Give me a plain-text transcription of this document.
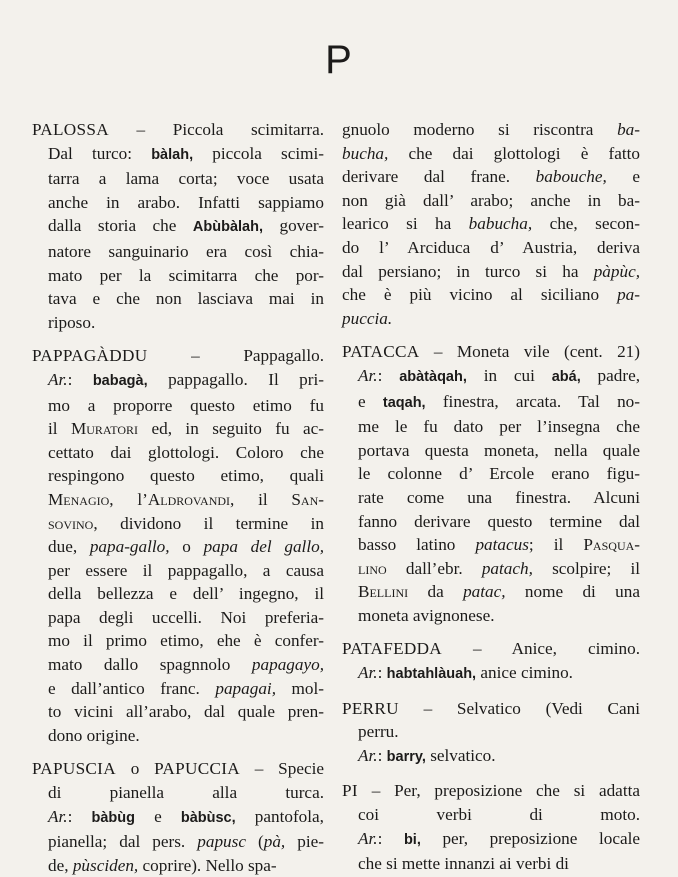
P
PALOSSA – Piccola scimitarra.
Dal turco: bàlah, piccola scimi-
tarra a lama corta; voce usata
anche in arabo. Infatti sappiamo
dalla storia che Abùbàlah, gover-
natore sanguinario era così chia-
mato per la scimitarra che por-
tava e che non lasciava mai in
riposo.
PAPPAGÀDDU – Pappagallo.
Ar.: babagà, pappagallo. Il pri-
mo a proporre questo etimo fu
il Muratori ed, in seguito fu ac-
cettato dai glottologi. Coloro che
respingono questo etimo, quali
Menagio, l’Aldrovandi, il San-
sovino, dividono il termine in
due, papa-gallo, o papa del gallo,
per essere il pappagallo, a causa
della bellezza e dell’ ingegno, il
papa degli uccelli. Noi preferia-
mo il primo etimo, ehe è confer-
mato dallo spagnnolo papagayo,
e dall’antico franc. papagai, mol-
to vicini all’arabo, dal quale pren-
dono origine.
PAPUSCIA o PAPUCCIA – Specie
di pianella alla turca.
Ar.: bàbùg e bàbùsc, pantofola,
pianella; dal pers. papusc (pà, pie-
de, pùsciden, coprire). Nello spa-
gnuolo moderno si riscontra ba-
bucha, che dai glottologi è fatto
derivare dal frane. babouche, e
non già dall’ arabo; anche in ba-
learico si ha babucha, che, secon-
do l’ Arciduca d’ Austria, deriva
dal persiano; in turco si ha pàpùc,
che è più vicino al siciliano pa-
puccia.
PATACCA – Moneta vile (cent. 21)
Ar.: abàtàqah, in cui abá, padre,
e taqah, finestra, arcata. Tal no-
me le fu dato per l’insegna che
portava questa moneta, nella quale
le colonne d’ Ercole erano figu-
rate come una finestra. Alcuni
fanno derivare questo termine dal
basso latino patacus; il Pasqua-
lino dall’ebr. patach, scolpire; il
Bellini da patac, nome di una
moneta avignonese.
PATAFEDDA – Anice, cimino.
Ar.: habtahlàuah, anice cimino.
PERRU – Selvatico (Vedi Cani
perru.
Ar.: barry, selvatico.
PI – Per, preposizione che si adatta
coi verbi di moto.
Ar.: bi, per, preposizione locale
che si mette innanzi ai verbi di
